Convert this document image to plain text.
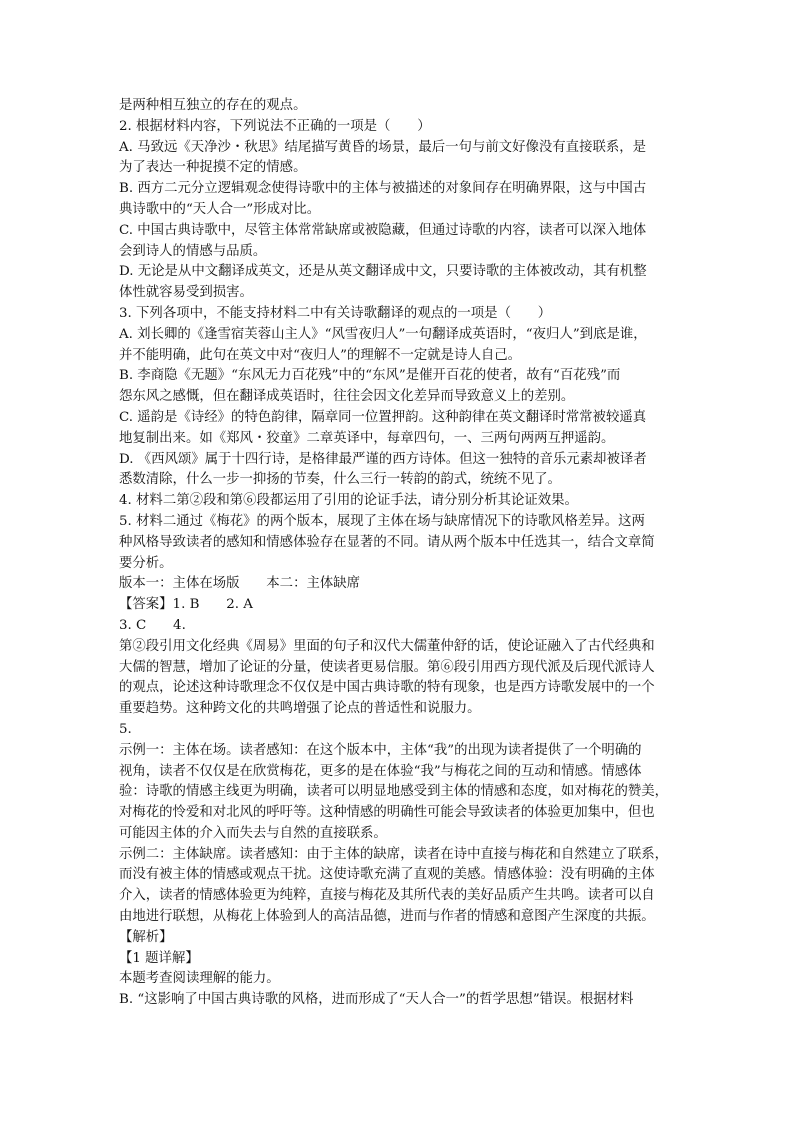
是两种相互独立的存在的观点。
2. 根据材料内容，下列说法不正确的一项是（　　）
A. 马致远《天净沙・秋思》结尾描写黄昏的场景，最后一句与前文好像没有直接联系，是
为了表达一种捉摸不定的情感。
B. 西方二元分立逻辑观念使得诗歌中的主体与被描述的对象间存在明确界限，这与中国古
典诗歌中的“天人合一”形成对比。
C. 中国古典诗歌中，尽管主体常常缺席或被隐藏，但通过诗歌的内容，读者可以深入地体
会到诗人的情感与品质。
D. 无论是从中文翻译成英文，还是从英文翻译成中文，只要诗歌的主体被改动，其有机整
体性就容易受到损害。
3. 下列各项中，不能支持材料二中有关诗歌翻译的观点的一项是（　　）
A. 刘长卿的《逢雪宿芙蓉山主人》“风雪夜归人”一句翻译成英语时，“夜归人”到底是谁，
并不能明确，此句在英文中对“夜归人”的理解不一定就是诗人自己。
B. 李商隐《无题》“东风无力百花残”中的“东风”是催开百花的使者，故有“百花残”而
怨东风之感慨，但在翻译成英语时，往往会因文化差异而导致意义上的差别。
C. 遥韵是《诗经》的特色韵律，隔章同一位置押韵。这种韵律在英文翻译时常常被较遥真
地复制出来。如《郑风・狡童》二章英译中，每章四句，一、三两句两两互押遥韵。
D. 《西风颂》属于十四行诗，是格律最严谨的西方诗体。但这一独特的音乐元素却被译者
悉数清除，什么一步一抑扬的节奏，什么三行一转韵的韵式，统统不见了。
4. 材料二第②段和第⑥段都运用了引用的论证手法，请分别分析其论证效果。
5. 材料二通过《梅花》的两个版本，展现了主体在场与缺席情况下的诗歌风格差异。这两
种风格导致读者的感知和情感体验存在显著的不同。请从两个版本中任选其一，结合文章简
要分析。
版本一：主体在场版　　本二：主体缺席
【答案】1. B　　2. A
3. C　　4.
第②段引用文化经典《周易》里面的句子和汉代大儒董仲舒的话，使论证融入了古代经典和
大儒的智慧，增加了论证的分量，使读者更易信服。第⑥段引用西方现代派及后现代派诗人
的观点，论述这种诗歌理念不仅仅是中国古典诗歌的特有现象，也是西方诗歌发展中的一个
重要趋势。这种跨文化的共鸣增强了论点的普适性和说服力。
5.
示例一：主体在场。读者感知：在这个版本中，主体“我”的出现为读者提供了一个明确的
视角，读者不仅仅是在欣赏梅花，更多的是在体验“我”与梅花之间的互动和情感。情感体
验：诗歌的情感主线更为明确，读者可以明显地感受到主体的情感和态度，如对梅花的赞美，
对梅花的怜爱和对北风的呼吁等。这种情感的明确性可能会导致读者的体验更加集中，但也
可能因主体的介入而失去与自然的直接联系。
示例二：主体缺席。读者感知：由于主体的缺席，读者在诗中直接与梅花和自然建立了联系，
而没有被主体的情感或观点干扰。这使诗歌充满了直观的美感。情感体验：没有明确的主体
介入，读者的情感体验更为纯粹，直接与梅花及其所代表的美好品质产生共鸣。读者可以自
由地进行联想，从梅花上体验到人的高洁品德，进而与作者的情感和意图产生深度的共振。
【解析】
【1 题详解】
本题考查阅读理解的能力。
B. “这影响了中国古典诗歌的风格，进而形成了“天人合一”的哲学思想”错误。根据材料
